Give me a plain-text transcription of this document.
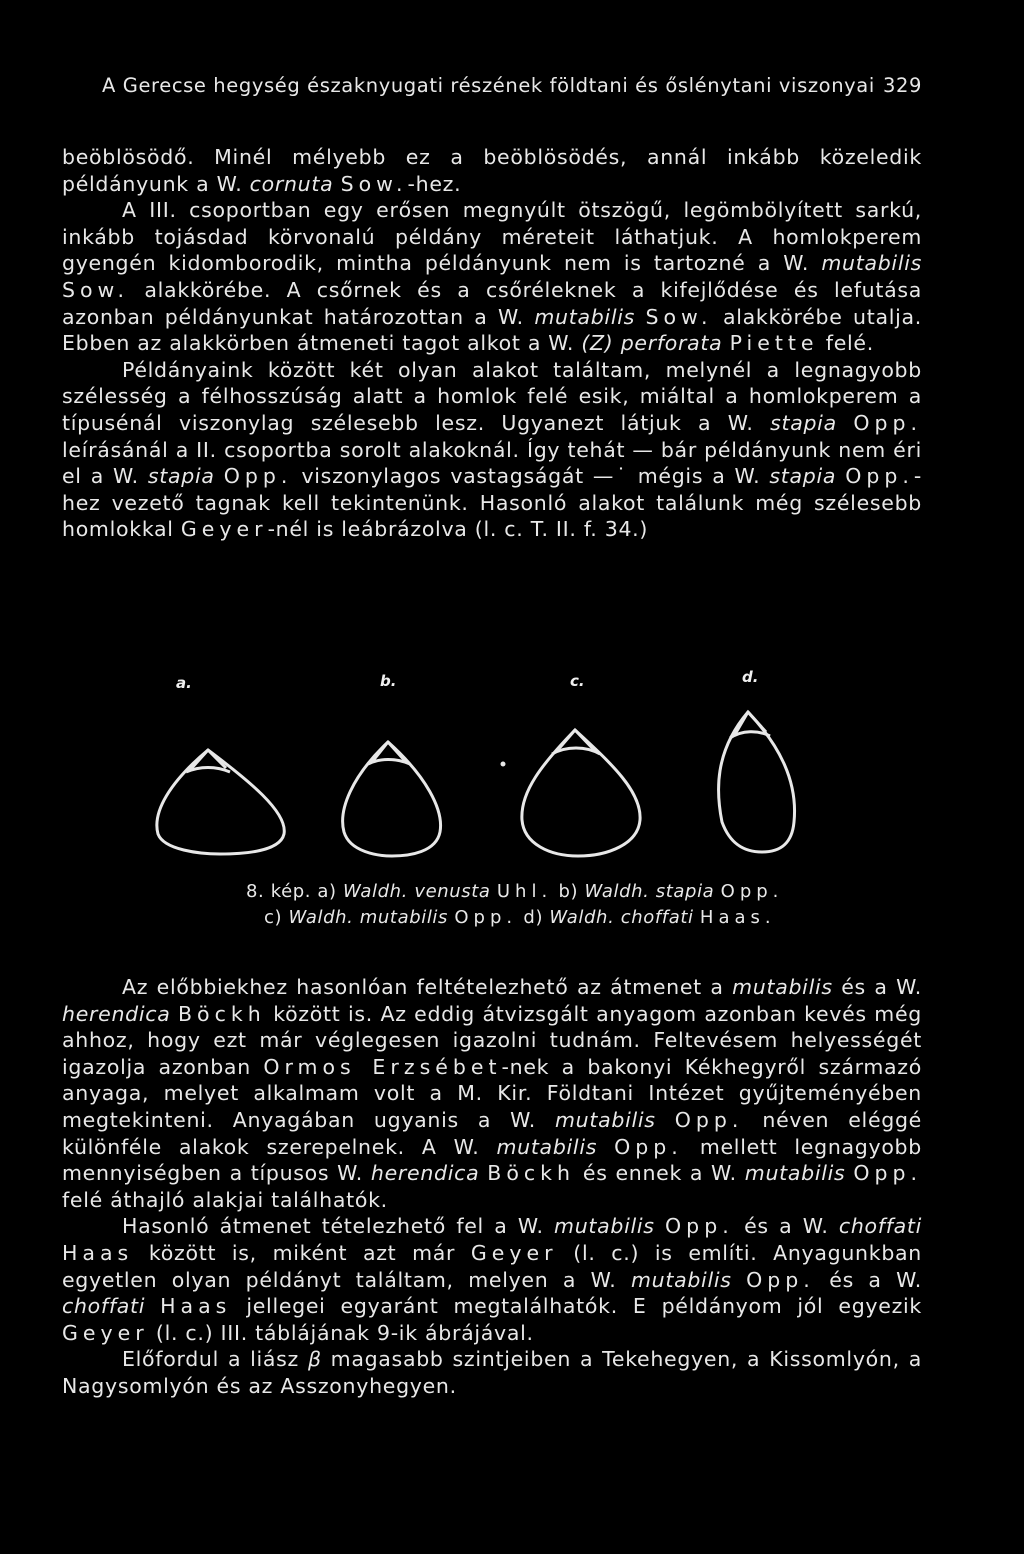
A Gerecse hegység északnyugati részének földtani és őslénytani viszonyai 329

beöblösödő. Minél mélyebb ez a beöblösödés, annál inkább közeledik példányunk a W. cornuta Sow.-hez.

A III. csoportban egy erősen megnyúlt ötszögű, legömbölyített sarkú, inkább tojásdad körvonalú példány méreteit láthatjuk. A homlokperem gyengén kidomborodik, mintha példányunk nem is tartozné a W. mutabilis Sow. alakkörébe. A csőrnek és a csőréleknek a kifejlődése és lefutása azonban példányunkat határozottan a W. mutabilis Sow. alakkörébe utalja. Ebben az alakkörben átmeneti tagot alkot a W. (Z) perforata Piette felé.

Példányaink között két olyan alakot találtam, melynél a legnagyobb szélesség a félhosszúság alatt a homlok felé esik, miáltal a homlokperem a típusénál viszonylag szélesebb lesz. Ugyanezt látjuk a W. stapia Opp. leírásánál a II. csoportba sorolt alakoknál. Így tehát — bár példányunk nem éri el a W. stapia Opp. viszonylagos vastagságát —˙ mégis a W. stapia Opp.-hez vezető tagnak kell tekintenünk. Hasonló alakot találunk még szélesebb homlokkal Geyer-nél is leábrázolva (l. c. T. II. f. 34.)

a.	b.	c.	d.
8. kép. a) Waldh. venusta Uhl. b) Waldh. stapia Opp.
c) Waldh. mutabilis Opp. d) Waldh. choffati Haas.

Az előbbiekhez hasonlóan feltételezhető az átmenet a mutabilis és a W. herendica Böckh között is. Az eddig átvizsgált anyagom azonban kevés még ahhoz, hogy ezt már véglegesen igazolni tudnám. Feltevésem helyességét igazolja azonban Ormos Erzsébet-nek a bakonyi Kékhegyről származó anyaga, melyet alkalmam volt a M. Kir. Földtani Intézet gyűjteményében megtekinteni. Anyagában ugyanis a W. mutabilis Opp. néven eléggé különféle alakok szerepelnek. A W. mutabilis Opp. mellett legnagyobb mennyiségben a típusos W. herendica Böckh és ennek a W. mutabilis Opp. felé áthajló alakjai találhatók.

Hasonló átmenet tételezhető fel a W. mutabilis Opp. és a W. choffati Haas között is, miként azt már Geyer (l. c.) is említi. Anyagunkban egyetlen olyan példányt találtam, melyen a W. mutabilis Opp. és a W. choffati Haas jellegei egyaránt megtalálhatók. E példányom jól egyezik Geyer (l. c.) III. táblájának 9-ik ábrájával.

Előfordul a liász β magasabb szintjeiben a Tekehegyen, a Kissomlyón, a Nagysomlyón és az Asszonyhegyen.
